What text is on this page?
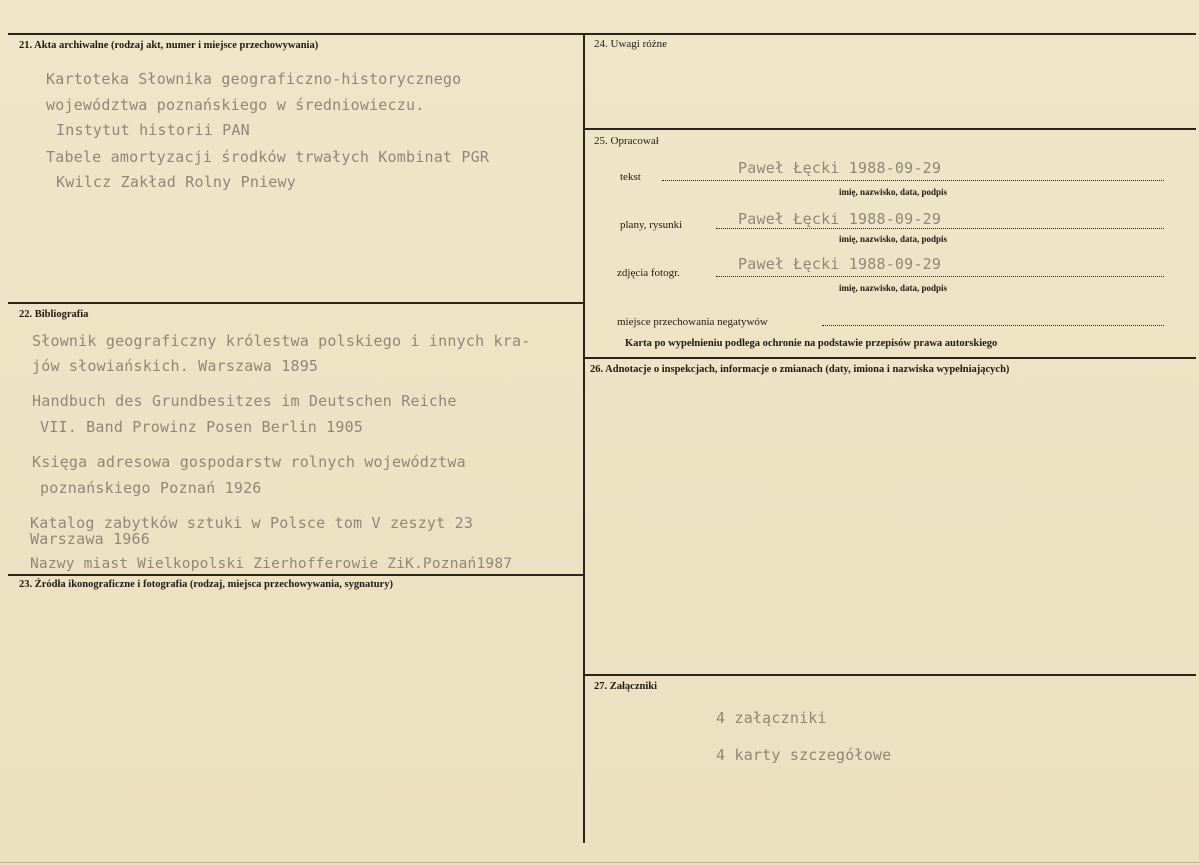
21. Akta archiwalne (rodzaj akt, numer i miejsce przechowywania)
Kartoteka Słownika geograficzno-historycznego
województwa poznańskiego w średniowieczu.
Instytut historii PAN
Tabele amortyzacji środków trwałych Kombinat PGR
Kwilcz Zakład Rolny Pniewy
22. Bibliografia
Słownik geograficzny królestwa polskiego i innych kra-
jów słowiańskich. Warszawa 1895
Handbuch des Grundbesitzes im Deutschen Reiche
VII. Band Prowinz Posen Berlin 1905
Księga adresowa gospodarstw rolnych województwa
poznańskiego Poznań 1926
Katalog zabytków sztuki w Polsce tom V zeszyt 23
Warszawa 1966
Nazwy miast Wielkopolski Zierhofferowie ZiK.Poznań1987
23. Źródła ikonograficzne i fotografia (rodzaj, miejsca przechowywania, sygnatury)
24. Uwagi różne
25. Opracował
tekst	Paweł Łęcki 1988-09-29
imię, nazwisko, data, podpis
plany, rysunki	Paweł Łęcki 1988-09-29
imię, nazwisko, data, podpis
zdjęcia fotogr.	Paweł Łęcki 1988-09-29
imię, nazwisko, data, podpis
miejsce przechowania negatywów
Karta po wypełnieniu podlega ochronie na podstawie przepisów prawa autorskiego
26. Adnotacje o inspekcjach, informacje o zmianach (daty, imiona i nazwiska wypełniających)
27. Załączniki
4 załączniki
4 karty szczegółowe
